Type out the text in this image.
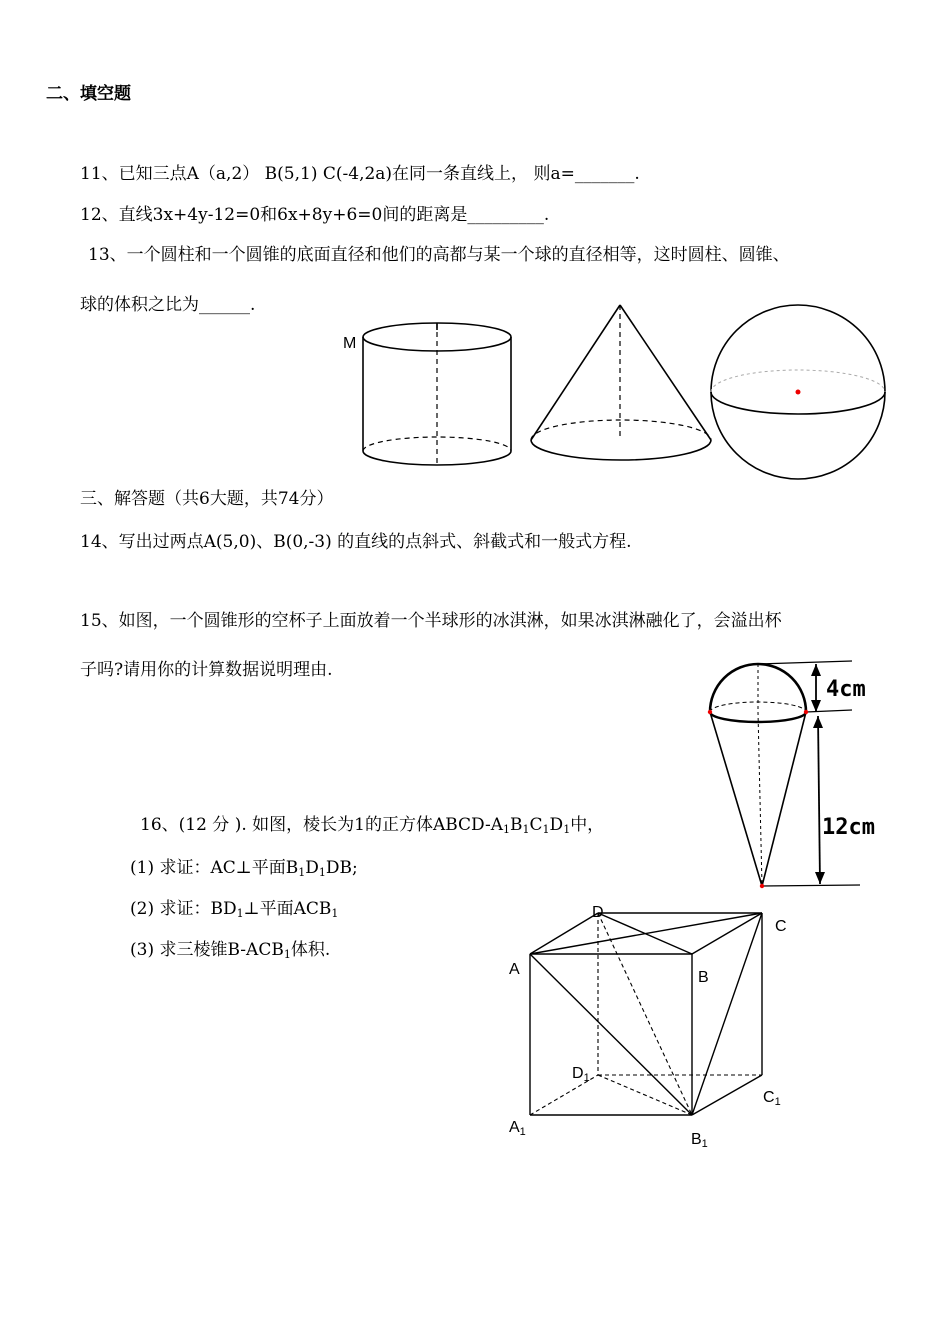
二、填空题
11、已知三点A（a,2） B(5,1) C(-4,2a)在同一条直线上， 则a=_______.
12、直线3x+4y-12=0和6x+8y+6=0间的距离是_________.
13、一个圆柱和一个圆锥的底面直径和他们的高都与某一个球的直径相等，这时圆柱、圆锥、
球的体积之比为______.
M
三、解答题（共6大题，共74分）
14、写出过两点A(5,0)、B(0,-3) 的直线的点斜式、斜截式和一般式方程.
15、如图，一个圆锥形的空杯子上面放着一个半球形的冰淇淋，如果冰淇淋融化了，会溢出杯
子吗?请用你的计算数据说明理由.
4cm
12cm
16、(12 分 ). 如图，棱长为1的正方体ABCD-$A_1B_1C_1D_1$中，
(1) 求证：AC⊥平面$B_1D_1DB$;
(2) 求证：$BD_1\perp$平面$ACB_1$
(3) 求三棱锥$B-ACB_1$体积.
D
C
A	B
D1
C1
A1	B1
